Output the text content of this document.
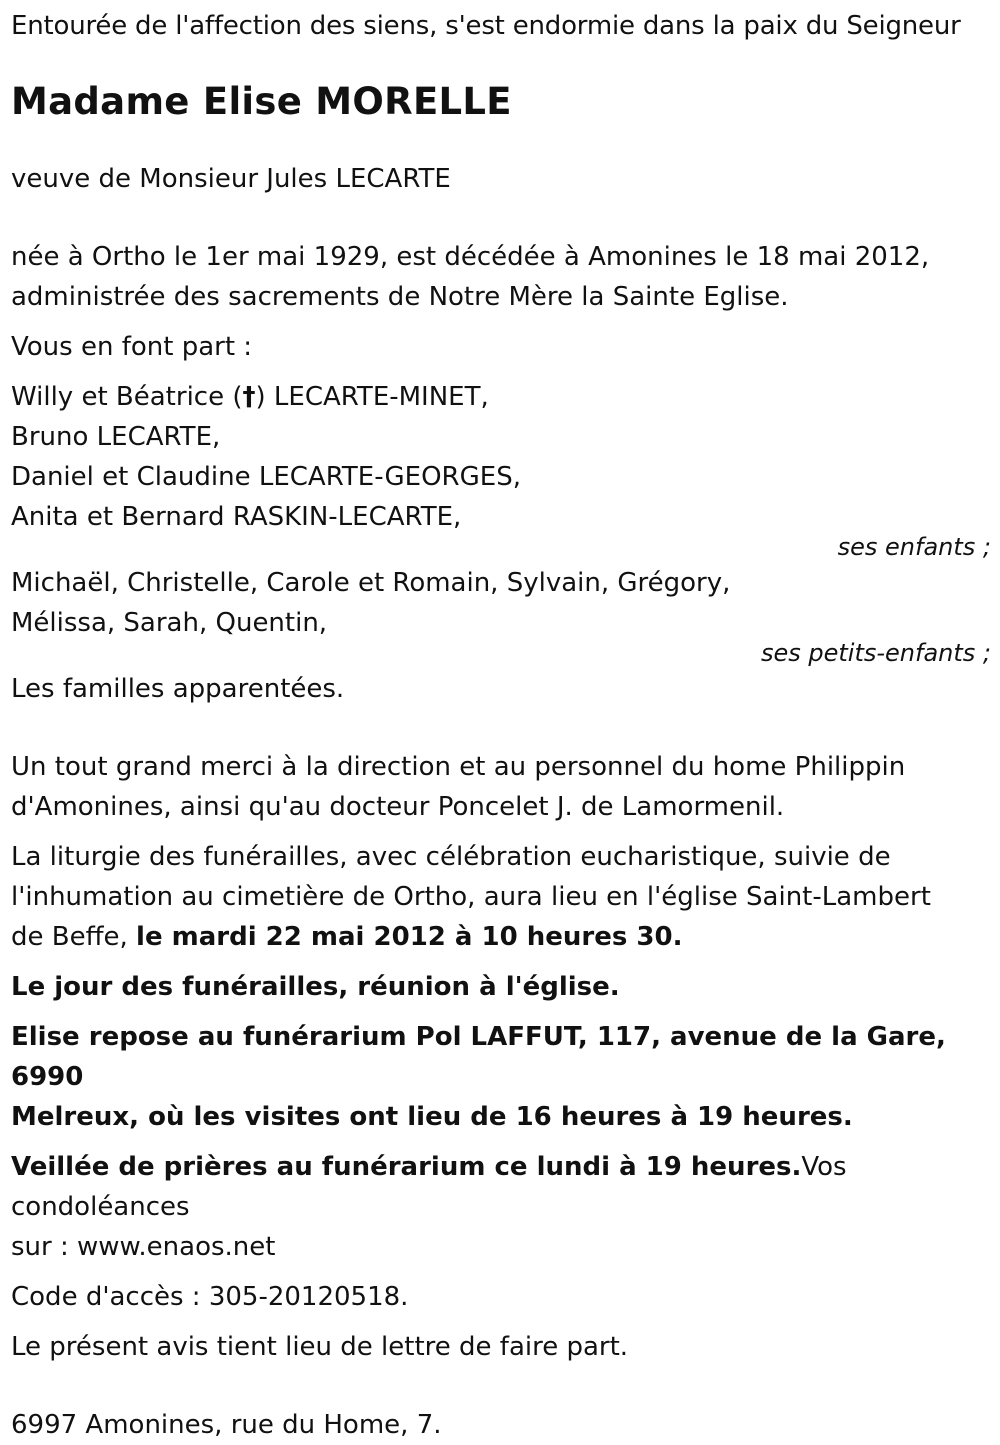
Entourée de l'affection des siens, s'est endormie dans la paix du Seigneur
Madame Elise MORELLE
veuve de Monsieur Jules LECARTE
née à Ortho le 1er mai 1929, est décédée à Amonines le 18 mai 2012,
administrée des sacrements de Notre Mère la Sainte Eglise.
Vous en font part :
Willy et Béatrice (†) LECARTE-MINET,
Bruno LECARTE,
Daniel et Claudine LECARTE-GEORGES,
Anita et Bernard RASKIN-LECARTE,
ses enfants ;
Michaël, Christelle, Carole et Romain, Sylvain, Grégory,
Mélissa, Sarah, Quentin,
ses petits-enfants ;
Les familles apparentées.
Un tout grand merci à la direction et au personnel du home Philippin
d'Amonines, ainsi qu'au docteur Poncelet J. de Lamormenil.
La liturgie des funérailles, avec célébration eucharistique, suivie de
l'inhumation au cimetière de Ortho, aura lieu en l'église Saint-Lambert
de Beffe, le mardi 22 mai 2012 à 10 heures 30.
Le jour des funérailles, réunion à l'église.
Elise repose au funérarium Pol LAFFUT, 117, avenue de la Gare, 6990
Melreux, où les visites ont lieu de 16 heures à 19 heures.
Veillée de prières au funérarium ce lundi à 19 heures.Vos condoléances
sur : www.enaos.net
Code d'accès : 305-20120518.
Le présent avis tient lieu de lettre de faire part.
6997 Amonines, rue du Home, 7.
